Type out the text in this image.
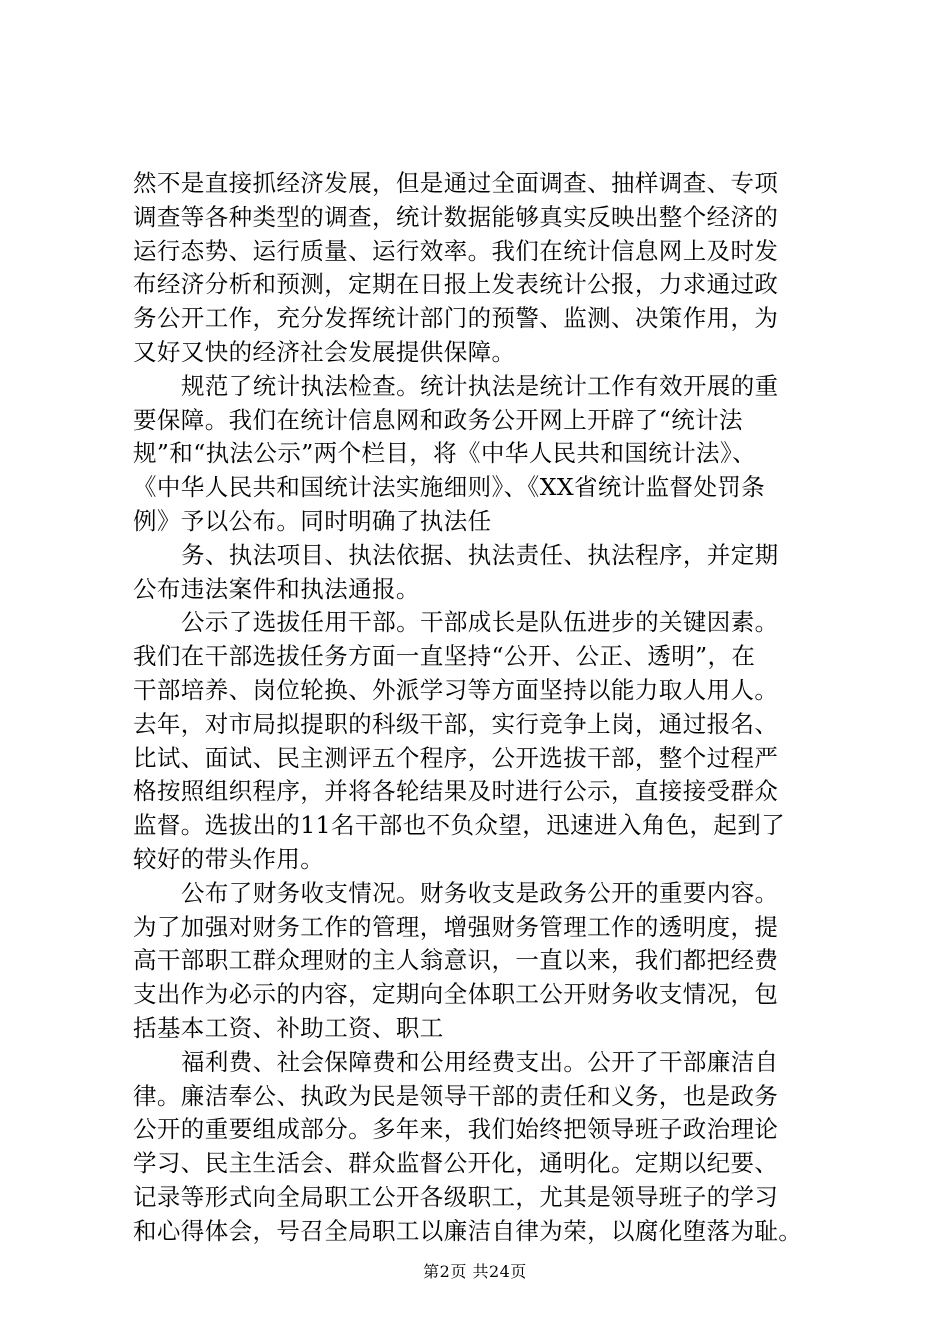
然不是直接抓经济发展，但是通过全面调查、抽样调查、专项
调查等各种类型的调查，统计数据能够真实反映出整个经济的
运行态势、运行质量、运行效率。我们在统计信息网上及时发
布经济分析和预测，定期在日报上发表统计公报，力求通过政
务公开工作，充分发挥统计部门的预警、监测、决策作用，为
又好又快的经济社会发展提供保障。
规范了统计执法检查。统计执法是统计工作有效开展的重
要保障。我们在统计信息网和政务公开网上开辟了“统计法
规”和“执法公示”两个栏目，将《中华人民共和国统计法》、
《中华人民共和国统计法实施细则》、《XX省统计监督处罚条
例》予以公布。同时明确了执法任
务、执法项目、执法依据、执法责任、执法程序，并定期
公布违法案件和执法通报。
公示了选拔任用干部。干部成长是队伍进步的关键因素。
我们在干部选拔任务方面一直坚持“公开、公正、透明”，在
干部培养、岗位轮换、外派学习等方面坚持以能力取人用人。
去年，对市局拟提职的科级干部，实行竞争上岗，通过报名、
比试、面试、民主测评五个程序，公开选拔干部，整个过程严
格按照组织程序，并将各轮结果及时进行公示，直接接受群众
监督。选拔出的11名干部也不负众望，迅速进入角色，起到了
较好的带头作用。
公布了财务收支情况。财务收支是政务公开的重要内容。
为了加强对财务工作的管理，增强财务管理工作的透明度，提
高干部职工群众理财的主人翁意识，一直以来，我们都把经费
支出作为必示的内容，定期向全体职工公开财务收支情况，包
括基本工资、补助工资、职工
福利费、社会保障费和公用经费支出。公开了干部廉洁自
律。廉洁奉公、执政为民是领导干部的责任和义务，也是政务
公开的重要组成部分。多年来，我们始终把领导班子政治理论
学习、民主生活会、群众监督公开化，通明化。定期以纪要、
记录等形式向全局职工公开各级职工，尤其是领导班子的学习
和心得体会，号召全局职工以廉洁自律为荣，以腐化堕落为耻。
第2页 共24页
